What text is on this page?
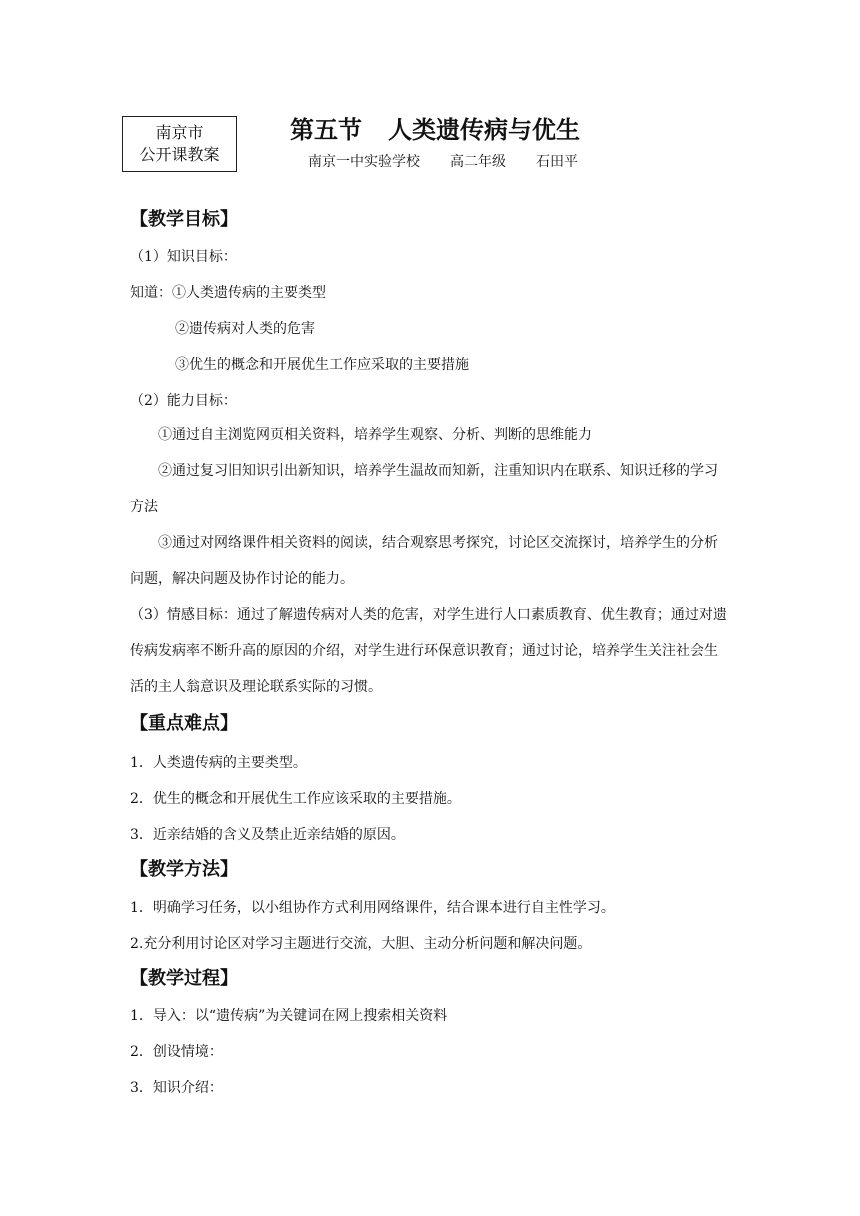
南京市
公开课教案
第五节 人类遗传病与优生
南京一中实验学校 高二年级 石田平
【教学目标】
（1）知识目标：
知道：①人类遗传病的主要类型
②遗传病对人类的危害
③优生的概念和开展优生工作应采取的主要措施
（2）能力目标：
①通过自主浏览网页相关资料，培养学生观察、分析、判断的思维能力
②通过复习旧知识引出新知识，培养学生温故而知新，注重知识内在联系、知识迁移的学习方法
③通过对网络课件相关资料的阅读，结合观察思考探究，讨论区交流探讨，培养学生的分析问题，解决问题及协作讨论的能力。
（3）情感目标：通过了解遗传病对人类的危害，对学生进行人口素质教育、优生教育；通过对遗传病发病率不断升高的原因的介绍，对学生进行环保意识教育；通过讨论，培养学生关注社会生活的主人翁意识及理论联系实际的习惯。
【重点难点】
1．人类遗传病的主要类型。
2．优生的概念和开展优生工作应该采取的主要措施。
3．近亲结婚的含义及禁止近亲结婚的原因。
【教学方法】
1．明确学习任务，以小组协作方式利用网络课件，结合课本进行自主性学习。
2.充分利用讨论区对学习主题进行交流，大胆、主动分析问题和解决问题。
【教学过程】
1．导入：以“遗传病”为关键词在网上搜索相关资料
2．创设情境：
3．知识介绍：
